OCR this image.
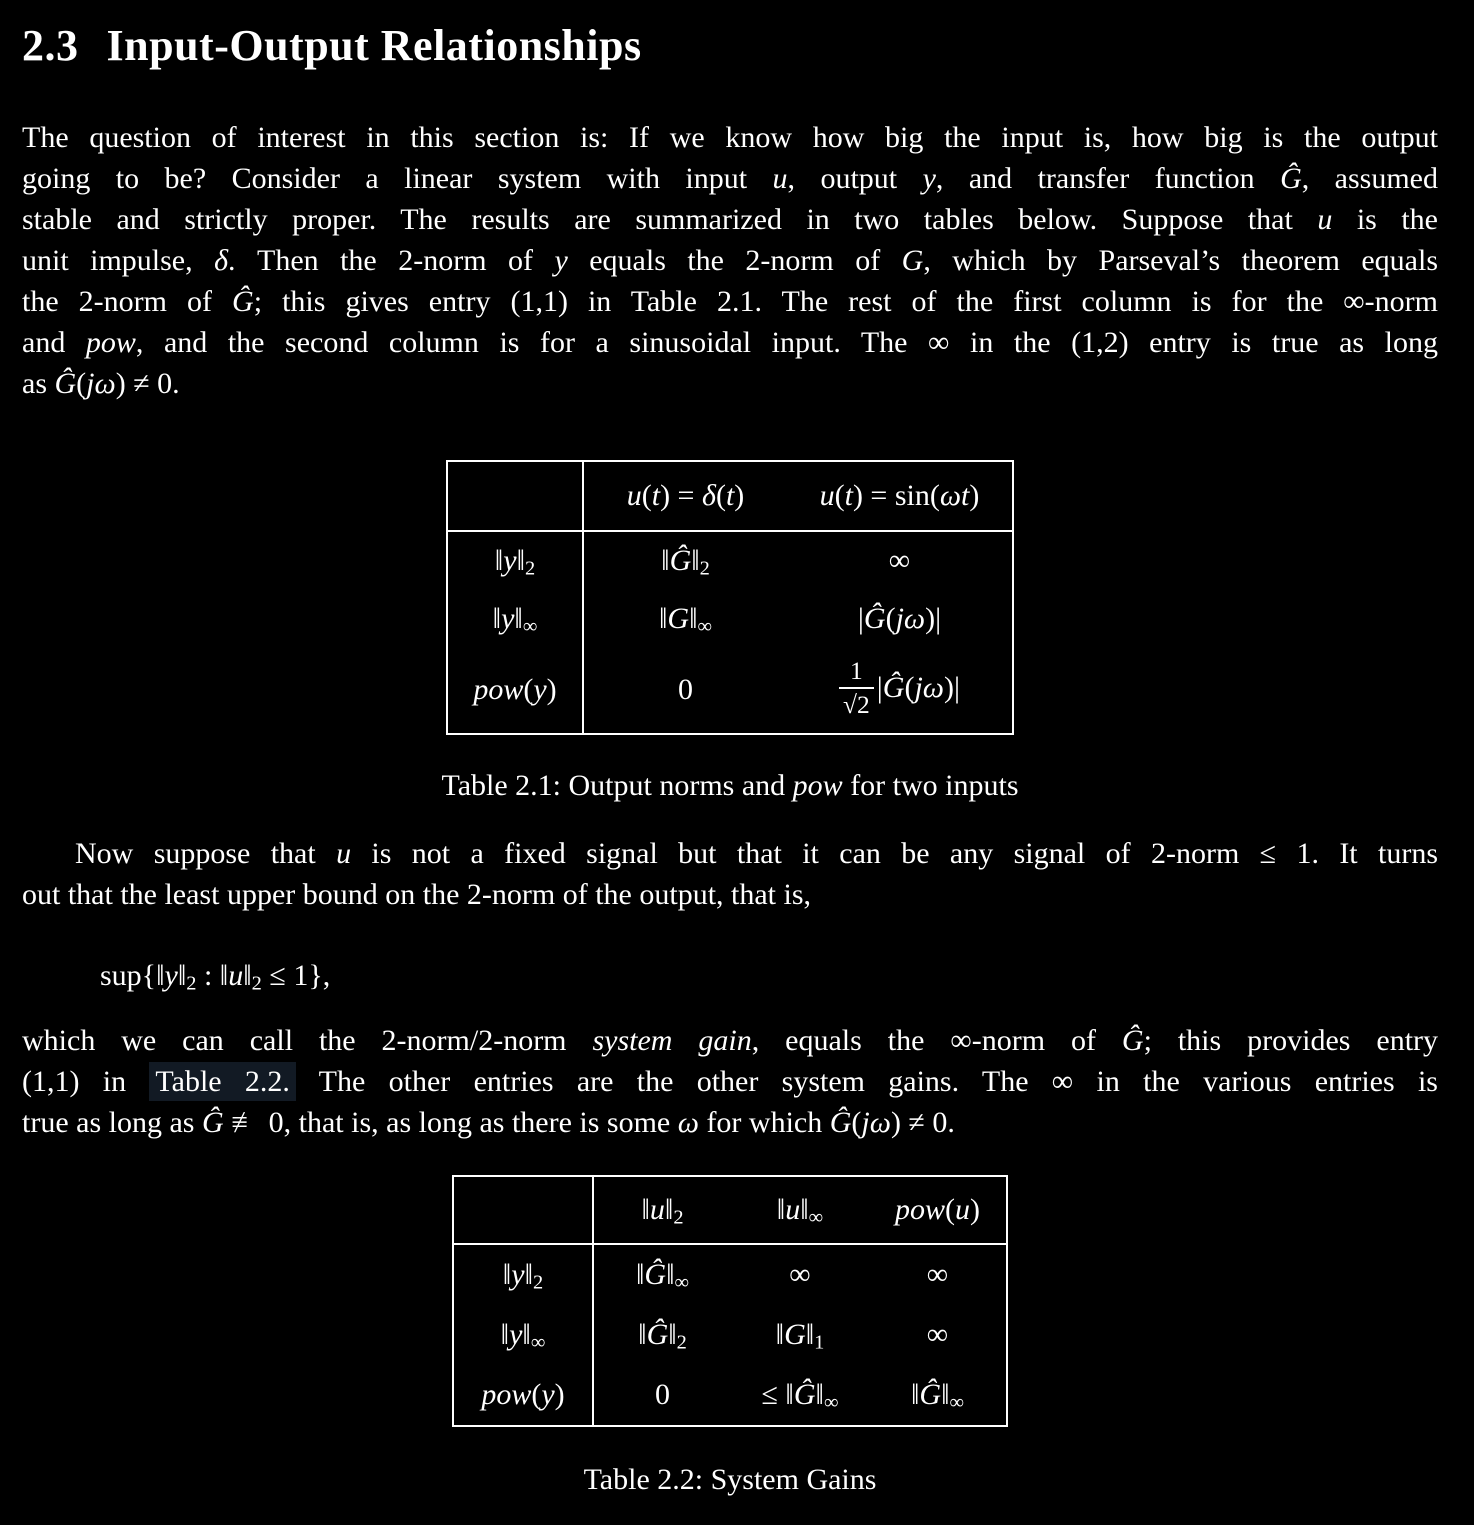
2.3 Input-Output Relationships
The question of interest in this section is: If we know how big the input is, how big is the output
going to be? Consider a linear system with input u, output y, and transfer function Ĝ, assumed
stable and strictly proper. The results are summarized in two tables below. Suppose that u is the
unit impulse, δ. Then the 2-norm of y equals the 2-norm of G, which by Parseval’s theorem equals
the 2-norm of Ĝ; this gives entry (1,1) in Table 2.1. The rest of the first column is for the ∞-norm
and pow, and the second column is for a sinusoidal input. The ∞ in the (1,2) entry is true as long
as Ĝ(jω) ≠ 0.
	u(t) = δ(t)	u(t) = sin(ωt)
‖y‖2	‖Ĝ‖2	∞
‖y‖∞	‖G‖∞	|Ĝ(jω)|
pow(y)	0	$\frac{1}{√2}$ |Ĝ(jω)|
Table 2.1: Output norms and pow for two inputs
Now suppose that u is not a fixed signal but that it can be any signal of 2-norm ≤ 1. It turns
out that the least upper bound on the 2-norm of the output, that is,
sup{‖y‖2 : ‖u‖2 ≤ 1},
which we can call the 2-norm/2-norm system gain, equals the ∞-norm of Ĝ; this provides entry
(1,1) in Table 2.2. The other entries are the other system gains. The ∞ in the various entries is
true as long as Ĝ ≢ 0, that is, as long as there is some ω for which Ĝ(jω) ≠ 0.
	‖u‖2	‖u‖∞	pow(u)
‖y‖2	‖Ĝ‖∞	∞	∞
‖y‖∞	‖Ĝ‖2	‖G‖1	∞
pow(y)	0	≤ ‖Ĝ‖∞	‖Ĝ‖∞
Table 2.2: System Gains
